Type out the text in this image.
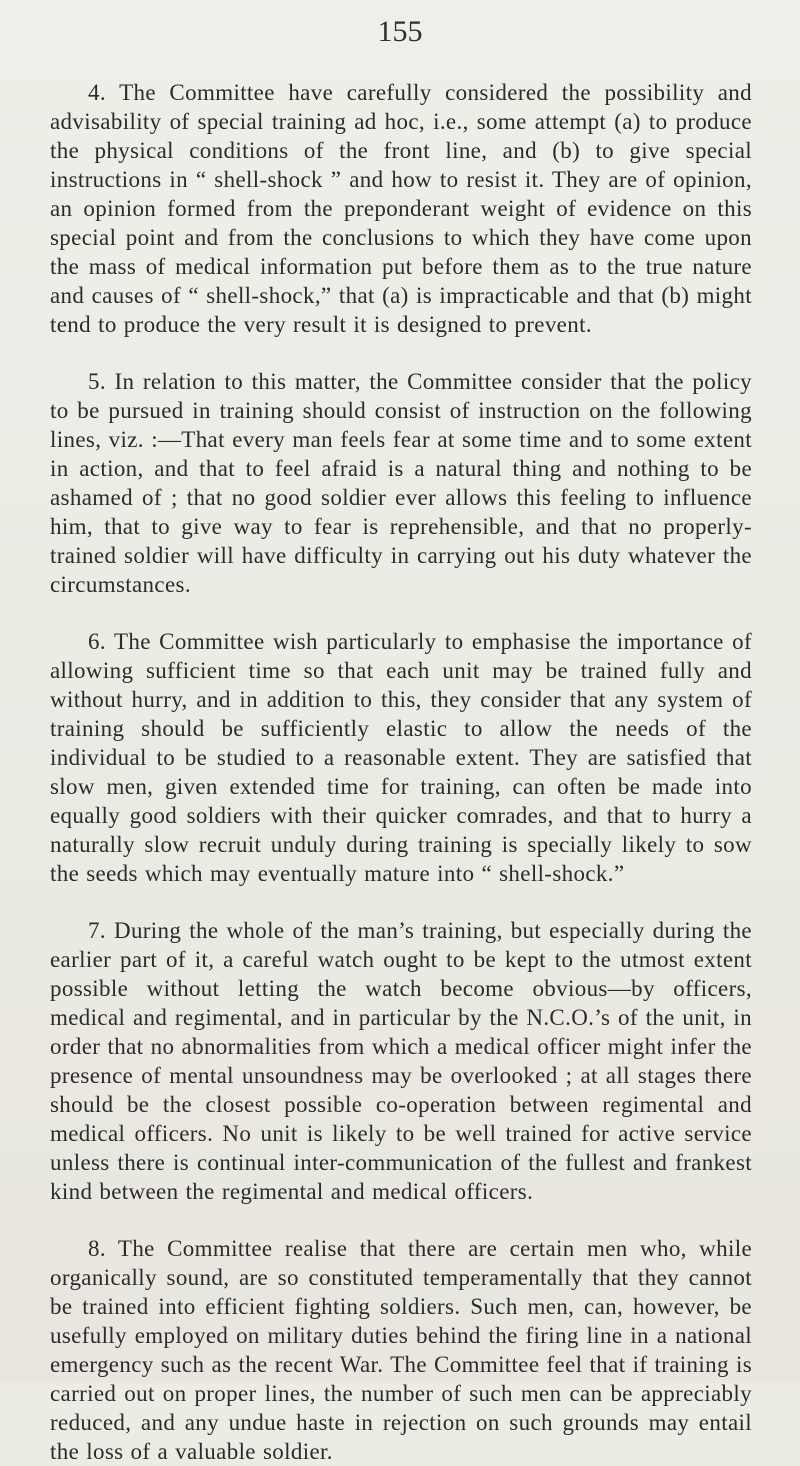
155

4. The Committee have carefully considered the possibility and advisability of special training ad hoc, i.e., some attempt (a) to produce the physical conditions of the front line, and (b) to give special instructions in “ shell-shock ” and how to resist it. They are of opinion, an opinion formed from the preponderant weight of evidence on this special point and from the conclusions to which they have come upon the mass of medical information put before them as to the true nature and causes of “ shell-shock,” that (a) is impracticable and that (b) might tend to produce the very result it is designed to prevent.

5. In relation to this matter, the Committee consider that the policy to be pursued in training should consist of instruction on the following lines, viz. :—That every man feels fear at some time and to some extent in action, and that to feel afraid is a natural thing and nothing to be ashamed of ; that no good soldier ever allows this feeling to influence him, that to give way to fear is reprehensible, and that no properly-trained soldier will have difficulty in carrying out his duty whatever the circumstances.

6. The Committee wish particularly to emphasise the importance of allowing sufficient time so that each unit may be trained fully and without hurry, and in addition to this, they consider that any system of training should be sufficiently elastic to allow the needs of the individual to be studied to a reasonable extent. They are satisfied that slow men, given extended time for training, can often be made into equally good soldiers with their quicker comrades, and that to hurry a naturally slow recruit unduly during training is specially likely to sow the seeds which may eventually mature into “ shell-shock.”

7. During the whole of the man’s training, but especially during the earlier part of it, a careful watch ought to be kept to the utmost extent possible without letting the watch become obvious—by officers, medical and regimental, and in particular by the N.C.O.’s of the unit, in order that no abnormalities from which a medical officer might infer the presence of mental unsoundness may be overlooked ; at all stages there should be the closest possible co-operation between regimental and medical officers. No unit is likely to be well trained for active service unless there is continual inter-communication of the fullest and frankest kind between the regimental and medical officers.

8. The Committee realise that there are certain men who, while organically sound, are so constituted temperamentally that they cannot be trained into efficient fighting soldiers. Such men, can, however, be usefully employed on military duties behind the firing line in a national emergency such as the recent War. The Committee feel that if training is carried out on proper lines, the number of such men can be appreciably reduced, and any undue haste in rejection on such grounds may entail the loss of a valuable soldier.
